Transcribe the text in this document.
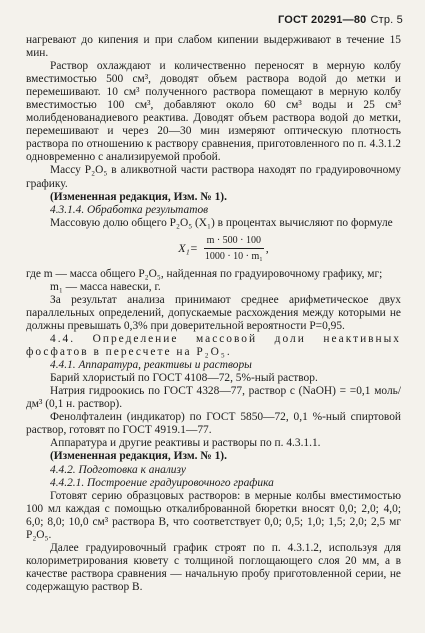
ГОСТ 20291—80 Стр. 5

нагревают до кипения и при слабом кипении выдерживают в течение 15 мин.

Раствор охлаждают и количественно переносят в мерную колбу вместимостью 500 см³, доводят объем раствора водой до метки и перемешивают. 10 см³ полученного раствора помещают в мерную колбу вместимостью 100 см³, добавляют около 60 см³ воды и 25 см³ молибденованадиевого реактива. Доводят объем раствора водой до метки, перемешивают и через 20—30 мин измеряют оптическую плотность раствора по отношению к раствору сравнения, приготовленного по п. 4.3.1.2 одновременно с анализируемой пробой.

Массу P₂O₅ в аликвотной части раствора находят по градуировочному графику.

(Измененная редакция, Изм. № 1).

4.3.1.4. Обработка результатов

Массовую долю общего P₂O₅ (X₁) в процентах вычисляют по формуле

$X_1= \frac{m \cdot 500 \cdot 100}{\text{1000 · 10 · m₁}}$ ,

где m — масса общего P₂O₅, найденная по градуировочному графику, мг;

m₁ — масса навески, г.

За результат анализа принимают среднее арифметическое двух параллельных определений, допускаемые расхождения между которыми не должны превышать 0,3% при доверительной вероятности P=0,95.

4.4. Определение массовой доли неактивных фосфатов в пересчете на P₂O₅.

4.4.1. Аппаратура, реактивы и растворы

Барий хлористый по ГОСТ 4108—72, 5%-ный раствор.

Натрия гидроокись по ГОСТ 4328—77, раствор с (NaOH) = =0,1 моль/дм³ (0,1 н. раствор).

Фенолфталеин (индикатор) по ГОСТ 5850—72, 0,1 %-ный спиртовой раствор, готовят по ГОСТ 4919.1—77.

Аппаратура и другие реактивы и растворы по п. 4.3.1.1.

(Измененная редакция, Изм. № 1).

4.4.2. Подготовка к анализу

4.4.2.1. Построение градуировочного графика

Готовят серию образцовых растворов: в мерные колбы вместимостью 100 мл каждая с помощью откалиброванной бюретки вносят 0,0; 2,0; 4,0; 6,0; 8,0; 10,0 см³ раствора В, что соответствует 0,0; 0,5; 1,0; 1,5; 2,0; 2,5 мг P₂O₅.

Далее градуировочный график строят по п. 4.3.1.2, используя для колориметрирования кювету с толщиной поглощающего слоя 20 мм, а в качестве раствора сравнения — начальную пробу приготовленной серии, не содержащую раствор В.
